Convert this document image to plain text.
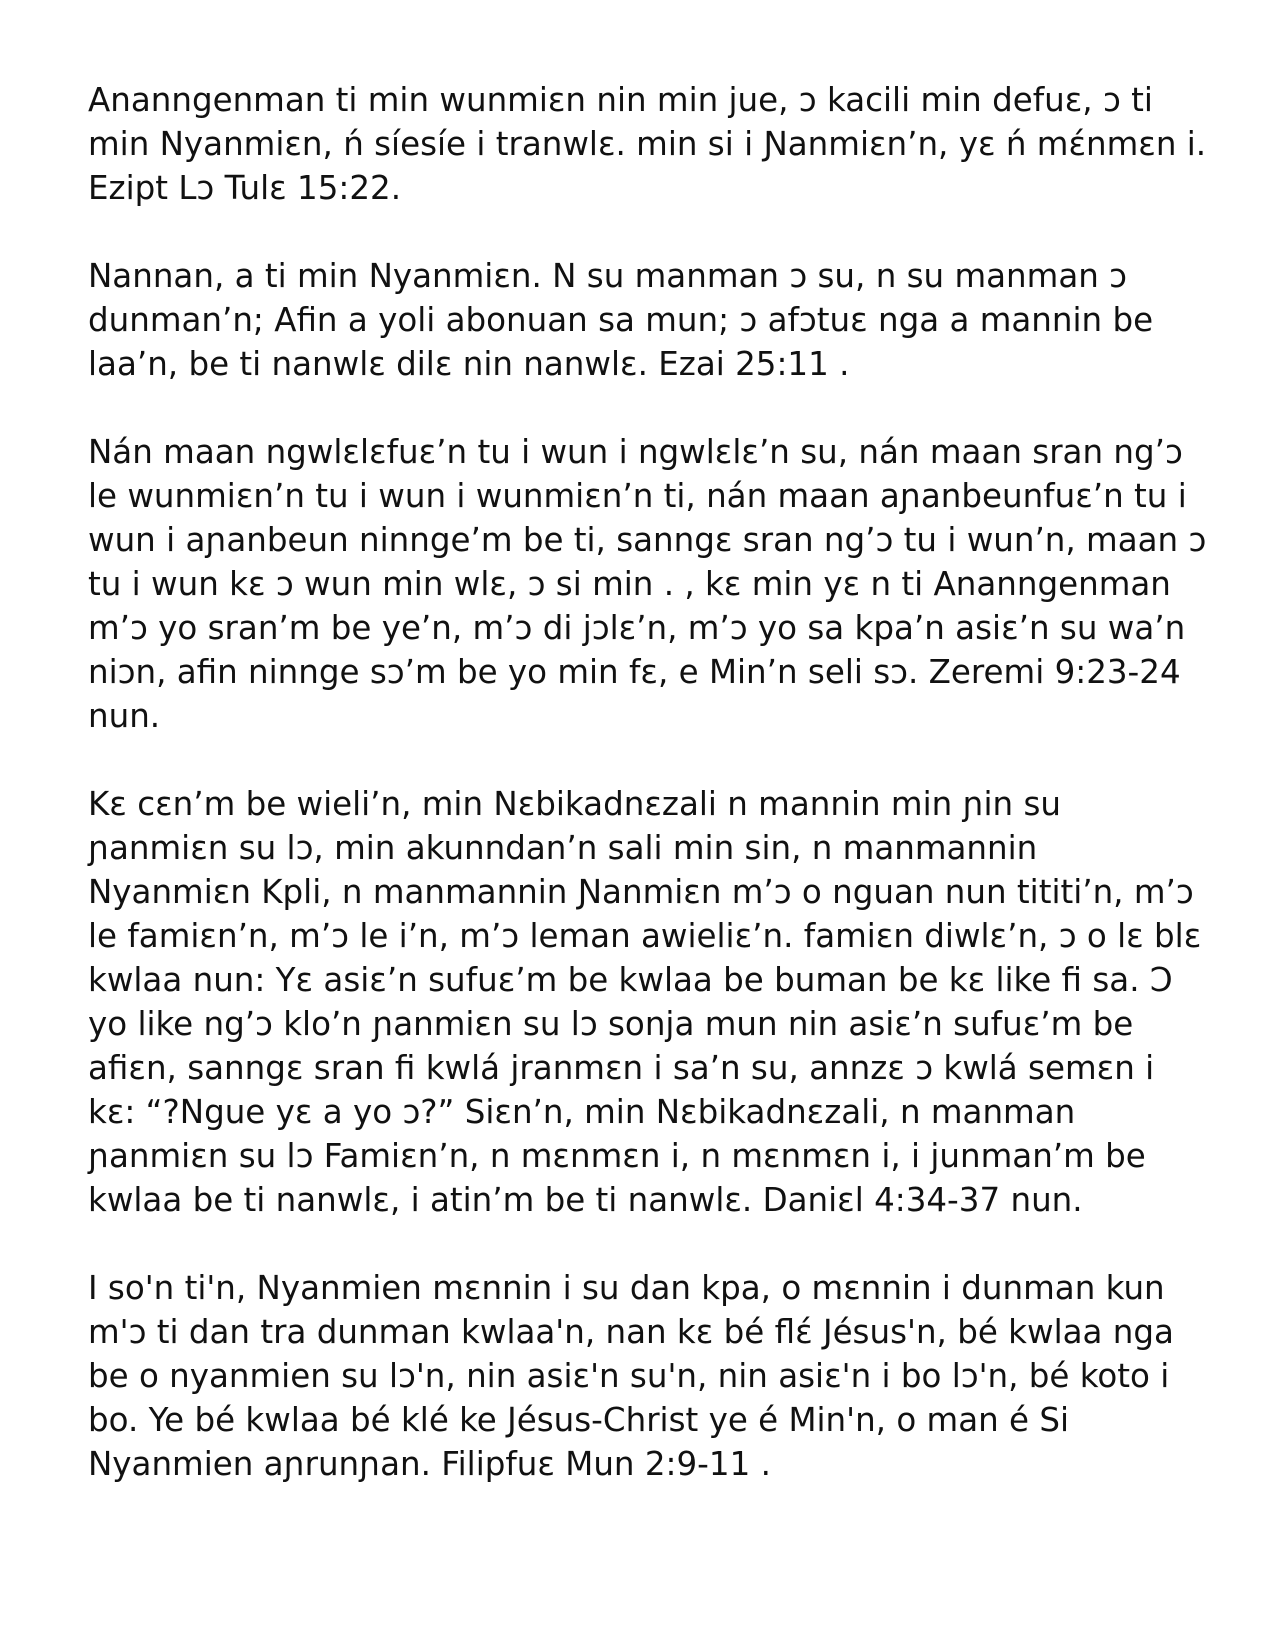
Ananngenman ti min wunmiɛn nin min jue, ɔ kacili min defuɛ, ɔ ti min Nyanmiɛn, ń síesíe i tranwlɛ. min si i Ɲanmiɛn’n, yɛ ń mɛ́nmɛn i. Ezipt Lɔ Tulɛ 15:22.

Nannan, a ti min Nyanmiɛn. N su manman ɔ su, n su manman ɔ dunman’n; Afin a yoli abonuan sa mun; ɔ afɔtuɛ nga a mannin be laa’n, be ti nanwlɛ dilɛ nin nanwlɛ. Ezai 25:11 .

Nán maan ngwlɛlɛfuɛ’n tu i wun i ngwlɛlɛ’n su, nán maan sran ng’ɔ le wunmiɛn’n tu i wun i wunmiɛn’n ti, nán maan aɲanbeunfuɛ’n tu i wun i aɲanbeun ninnge’m be ti, sanngɛ sran ng’ɔ tu i wun’n, maan ɔ tu i wun kɛ ɔ wun min wlɛ, ɔ si min . , kɛ min yɛ n ti Ananngenman m’ɔ yo sran’m be ye’n, m’ɔ di jɔlɛ’n, m’ɔ yo sa kpa’n asiɛ’n su wa’n niɔn, afin ninnge sɔ’m be yo min fɛ, e Min’n seli sɔ. Zeremi 9:23-24 nun.

Kɛ cɛn’m be wieli’n, min Nɛbikadnɛzali n mannin min ɲin su ɲanmiɛn su lɔ, min akunndan’n sali min sin, n manmannin Nyanmiɛn Kpli, n manmannin Ɲanmiɛn m’ɔ o nguan nun tititi’n, m’ɔ le famiɛn’n, m’ɔ le i’n, m’ɔ leman awieliɛ’n. famiɛn diwlɛ’n, ɔ o lɛ blɛ kwlaa nun: Yɛ asiɛ’n sufuɛ’m be kwlaa be buman be kɛ like fi sa. Ɔ yo like ng’ɔ klo’n ɲanmiɛn su lɔ sonja mun nin asiɛ’n sufuɛ’m be afiɛn, sanngɛ sran fi kwlá jranmɛn i sa’n su, annzɛ ɔ kwlá semɛn i kɛ: “?Ngue yɛ a yo ɔ?” Siɛn’n, min Nɛbikadnɛzali, n manman ɲanmiɛn su lɔ Famiɛn’n, n mɛnmɛn i, n mɛnmɛn i, i junman’m be kwlaa be ti nanwlɛ, i atin’m be ti nanwlɛ. Daniɛl 4:34-37 nun.

I so'n ti'n, Nyanmien mɛnnin i su dan kpa, o mɛnnin i dunman kun m'ɔ ti dan tra dunman kwlaa'n, nan kɛ bé flɛ́ Jésus'n, bé kwlaa nga be o nyanmien su lɔ'n, nin asiɛ'n su'n, nin asiɛ'n i bo lɔ'n, bé koto i bo. Ye bé kwlaa bé klé ke Jésus-Christ ye é Min'n, o man é Si Nyanmien aɲrunɲan. Filipfuɛ Mun 2:9-11 .
